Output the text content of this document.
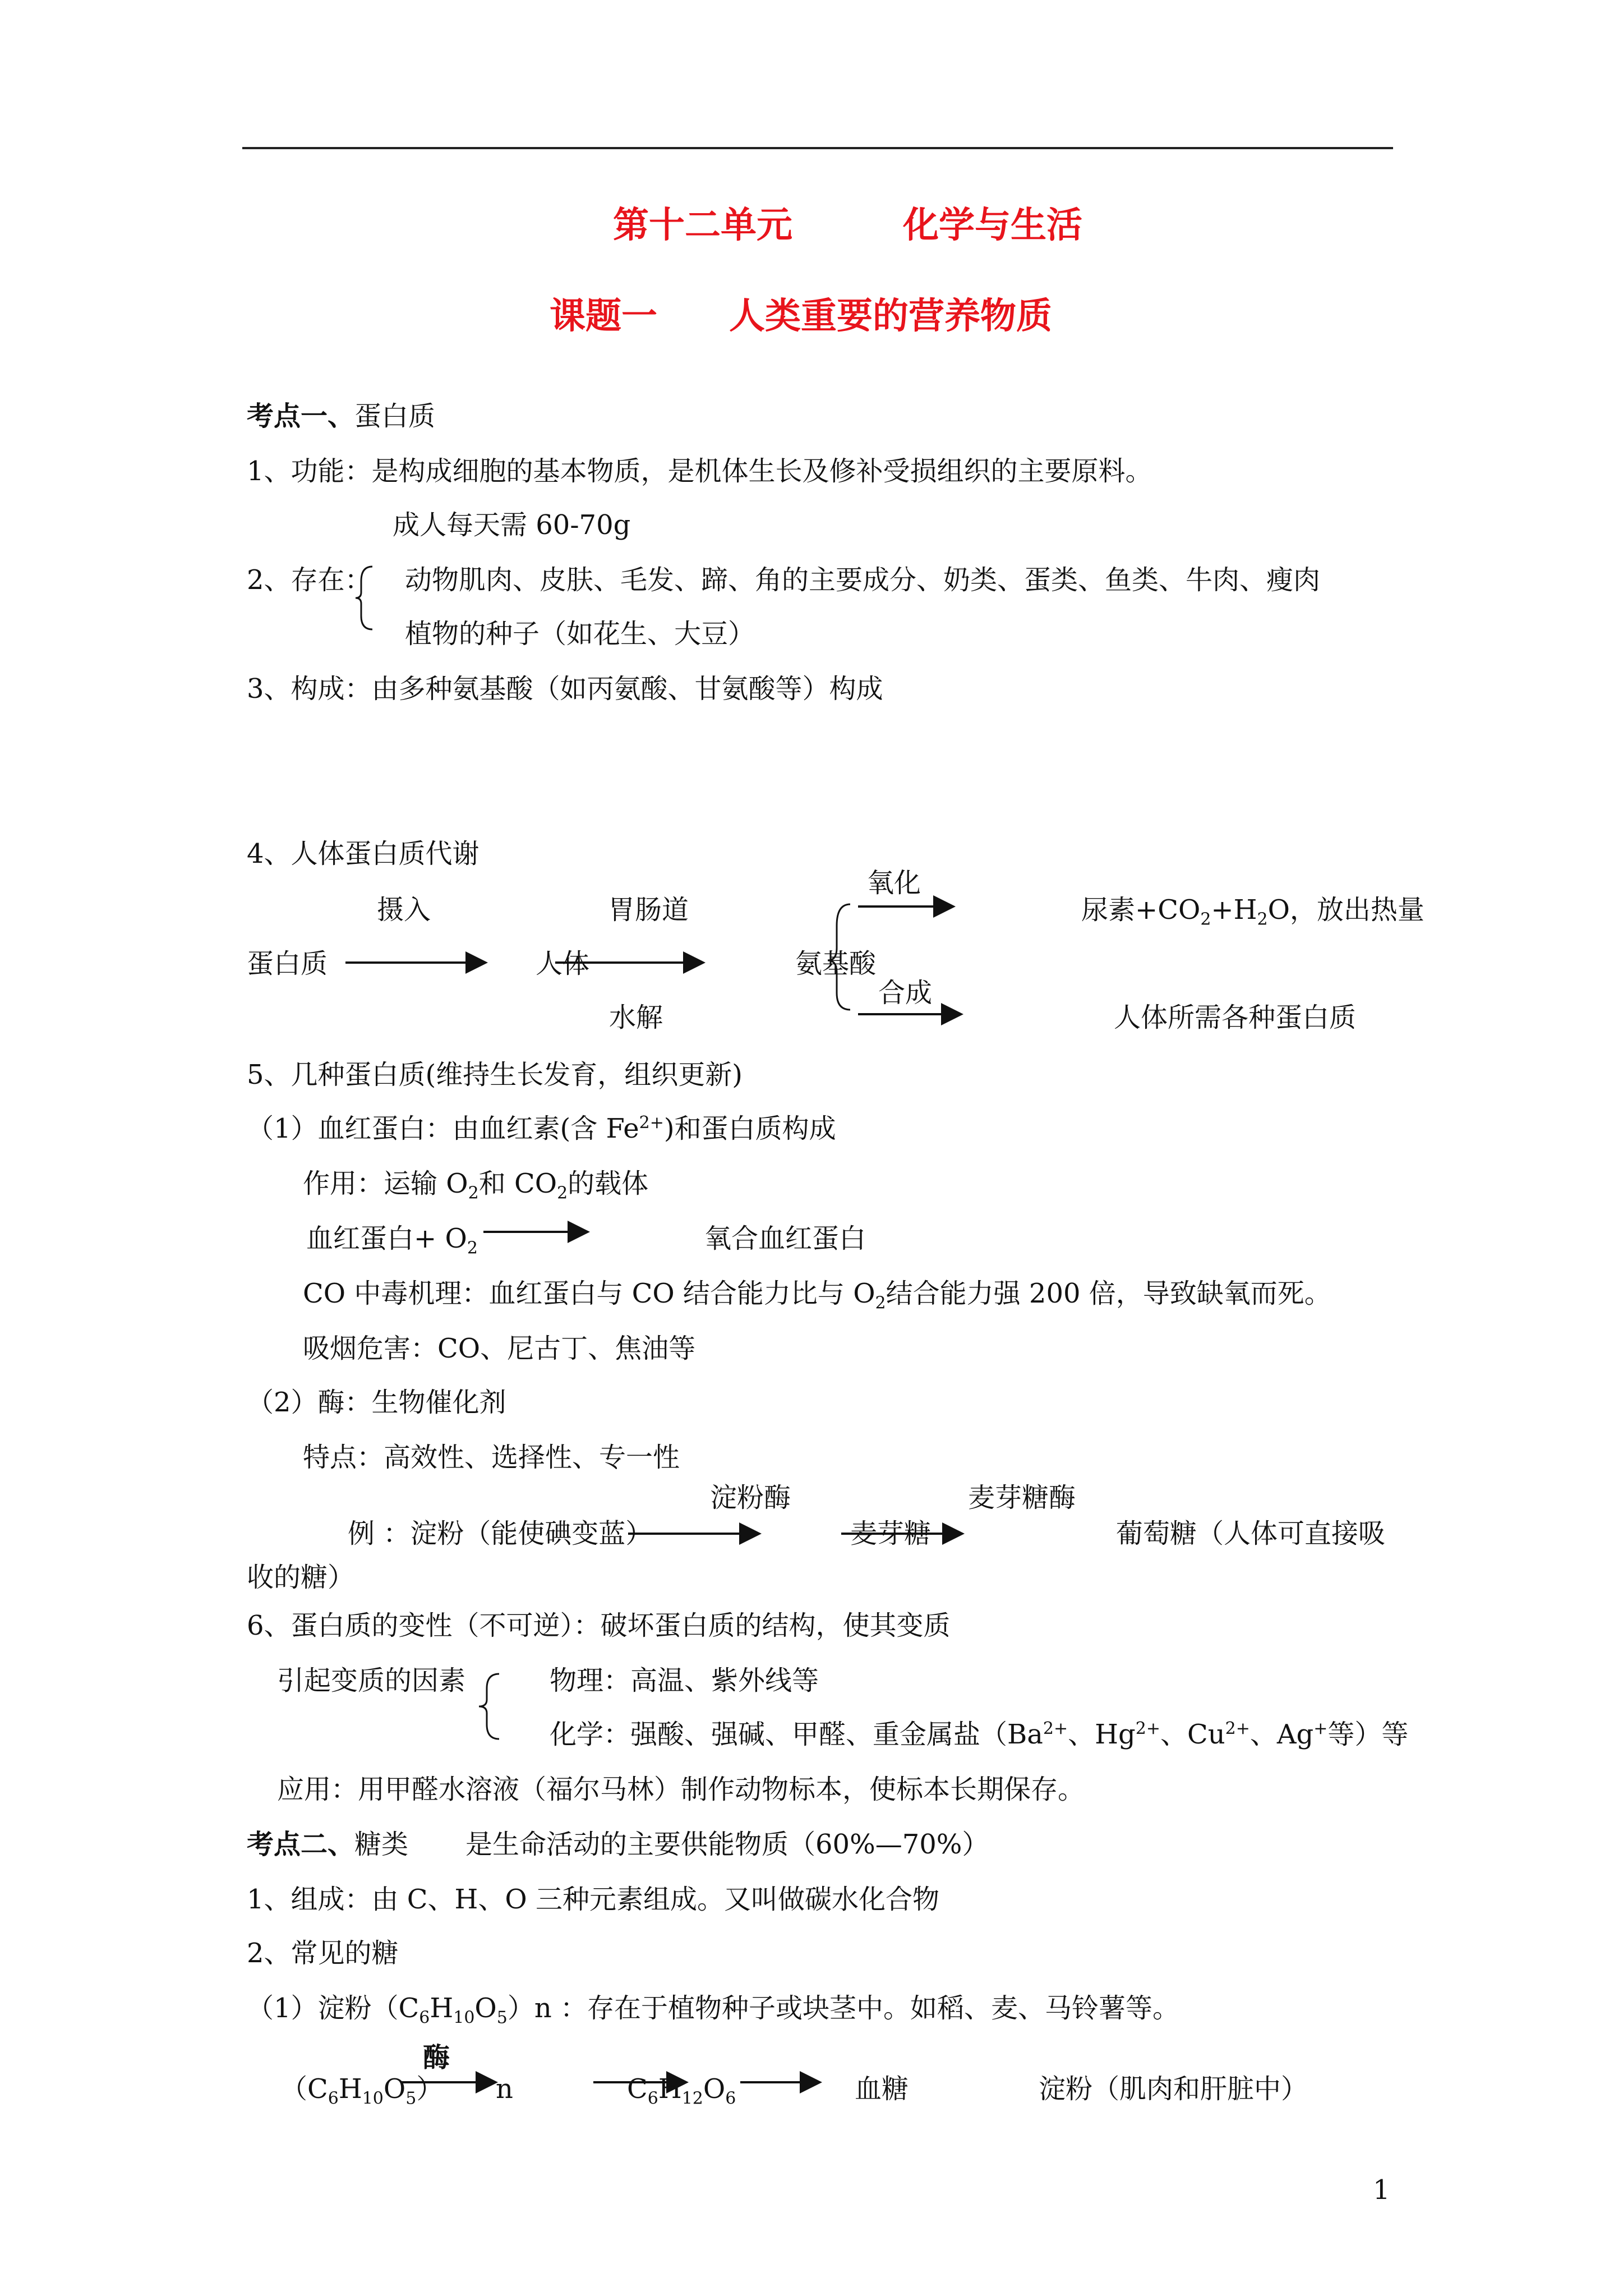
第十二单元	化学与生活
课题一 人类重要的营养物质
考点一、蛋白质
1、功能：是构成细胞的基本物质，是机体生长及修补受损组织的主要原料。
成人每天需 60-70g
2、存在： 动物肌肉、皮肤、毛发、蹄、角的主要成分、奶类、蛋类、鱼类、牛肉、瘦肉
植物的种子（如花生、大豆）
3、构成：由多种氨基酸（如丙氨酸、甘氨酸等）构成
4、人体蛋白质代谢
摄入	胃肠道
氧化
尿素$+CO_2+H_2O$，放出热量
蛋白质	人体	氨基酸
水解
合成
人体所需各种蛋白质
5、几种蛋白质(维持生长发育，组织更新)
（1）血红蛋白：由血红素(含 $Fe^{2+}$)和蛋白质构成
作用：运输 $O_2$和 $CO_2$的载体
血红蛋白+ $O_2$	氧合血红蛋白
CO 中毒机理：血红蛋白与 CO 结合能力比与 $O_2$结合能力强 200 倍，导致缺氧而死。
吸烟危害：CO、尼古丁、焦油等
（2）酶：生物催化剂
特点：高效性、选择性、专一性
淀粉酶	麦芽糖酶
例 ：淀粉（能使碘变蓝）	麦芽糖	葡萄糖（人体可直接吸
收的糖）
6、蛋白质的变性（不可逆）：破坏蛋白质的结构，使其变质
引起变质的因素	物理：高温、紫外线等
化学：强酸、强碱、甲醛、重金属盐（$Ba^{2+}$、$Hg^{2+}$、$Cu^{2+}$、Ag+等）等
应用：用甲醛水溶液（福尔马林）制作动物标本，使标本长期保存。
考点二、糖类 是生命活动的主要供能物质（60%—70%）
1、组成：由 C、H、O 三种元素组成。又叫做碳水化合物
2、常见的糖
（1）淀粉$(C_6H_{10}O_5)n$ ：存在于植物种子或块茎中。如稻、麦、马铃薯等。
酶
$(C_6H_{10}O_5)$ n	$C_6H_{12}O_6$	血糖	淀粉（肌肉和肝脏中）
1
